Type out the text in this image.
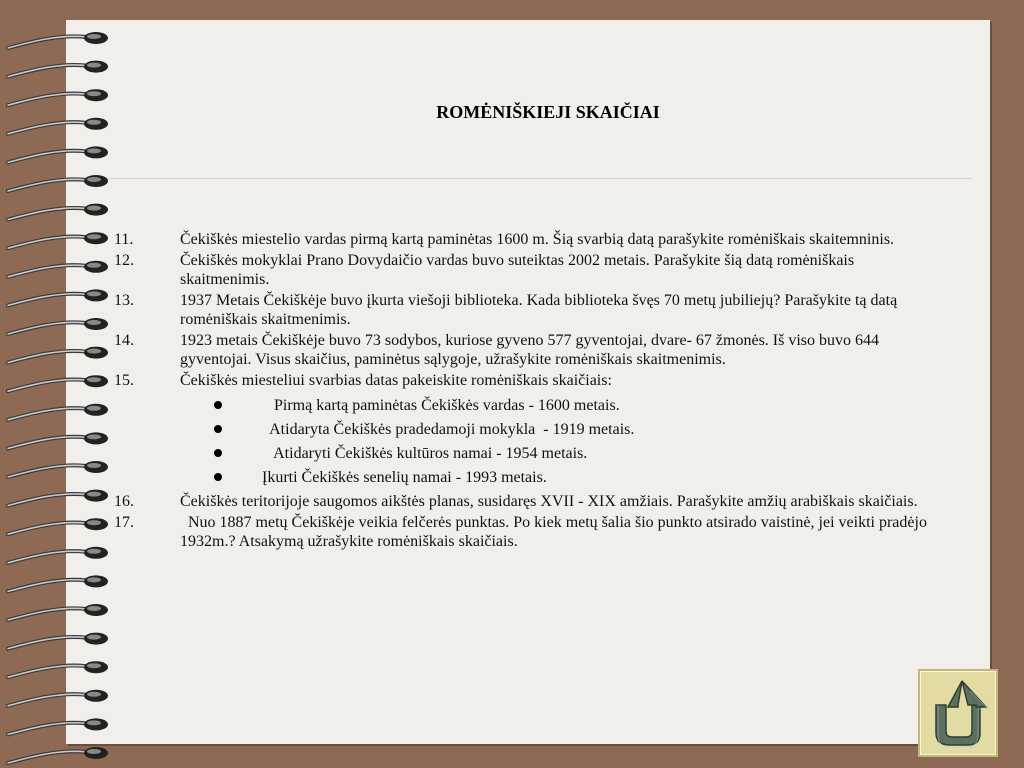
ROMĖNIŠKIEJI SKAIČIAI
11.	Čekiškės miestelio vardas pirmą kartą paminėtas 1600 m. Šią svarbią datą parašykite romėniškais skaitemninis.
12.	Čekiškės mokyklai Prano Dovydaičio vardas buvo suteiktas 2002 metais. Parašykite šią datą romėniškais skaitmenimis.
13.	1937 Metais Čekiškėje buvo įkurta viešoji biblioteka. Kada biblioteka švęs 70 metų jubiliejų? Parašykite tą datą romėniškais skaitmenimis.
14.	1923 metais Čekiškėje buvo 73 sodybos, kuriose gyveno 577 gyventojai, dvare- 67 žmonės. Iš viso buvo 644 gyventojai. Visus skaičius, paminėtus sąlygoje, užrašykite romėniškais skaitmenimis.
15.	Čekiškės miesteliui svarbias datas pakeiskite romėniškais skaičiais:
Pirmą kartą paminėtas Čekiškės vardas - 1600 metais.
Atidaryta Čekiškės pradedamoji mokykla  - 1919 metais.
Atidaryti Čekiškės kultūros namai - 1954 metais.
Įkurti Čekiškės senelių namai - 1993 metais.
16.	Čekiškės teritorijoje saugomos aikštės planas, susidaręs XVII - XIX amžiais. Parašykite amžių arabiškais skaičiais.
17.	Nuo 1887 metų Čekiškėje veikia felčerės punktas. Po kiek metų šalia šio punkto atsirado vaistinė, jei veikti pradėjo 1932m.? Atsakymą užrašykite romėniškais skaičiais.
